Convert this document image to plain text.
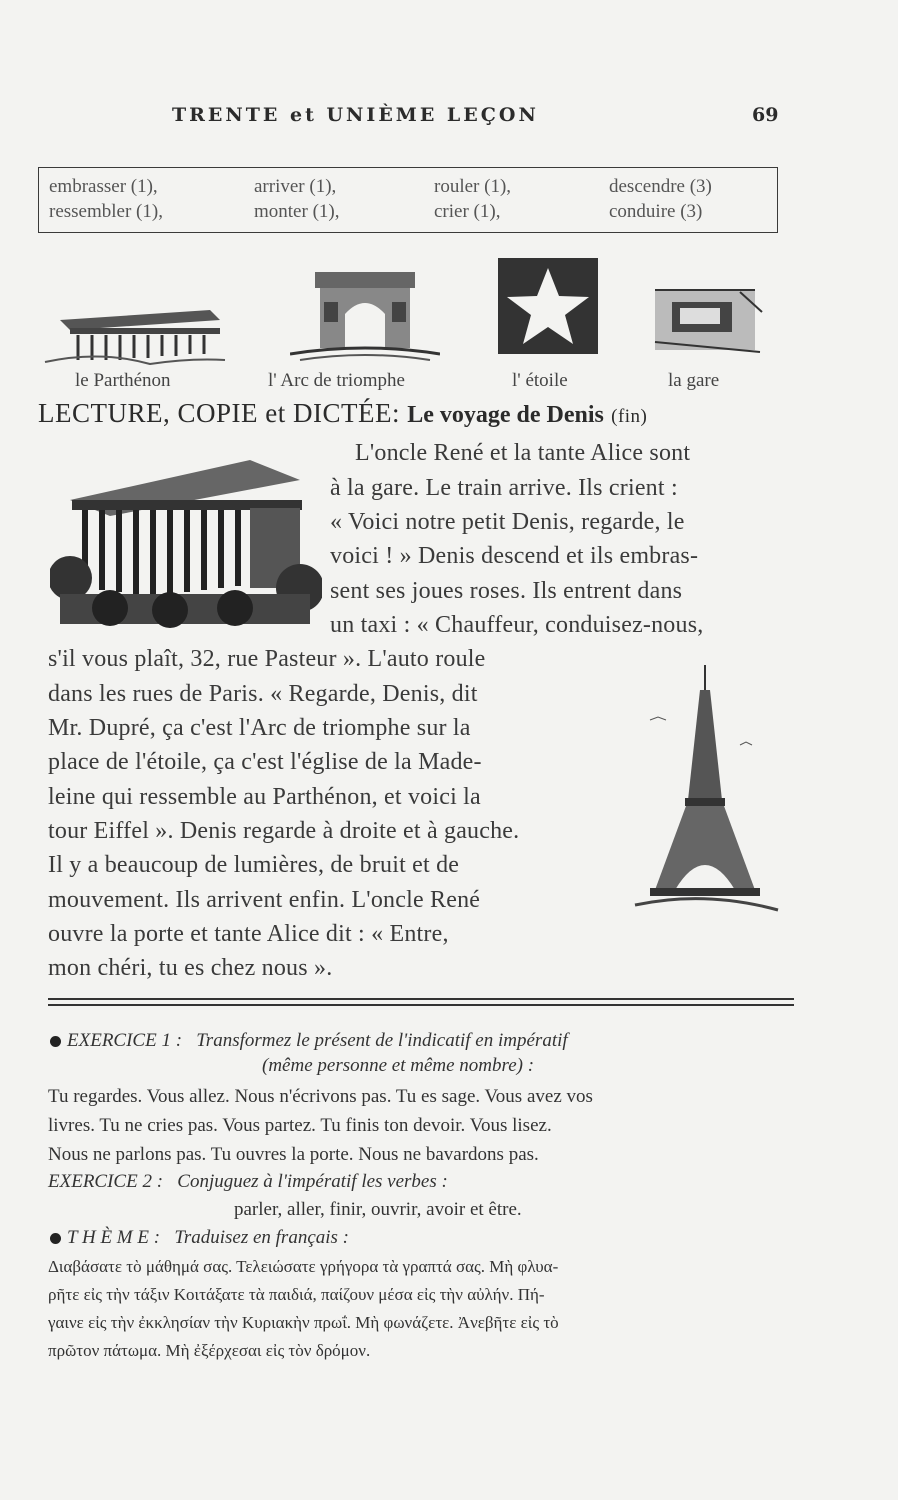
TRENTE et UNIÈME LEÇON	69
embrasser (1),	arriver (1),	rouler (1),	descendre (3)
ressembler (1),	monter (1),	crier (1),	conduire (3)
le Parthénon	l' Arc de triomphe	l' étoile	la gare
LECTURE, COPIE et DICTÉE: Le voyage de Denis (fin)
L'oncle René et la tante Alice sont
à la gare. Le train arrive. Ils crient :
« Voici notre petit Denis, regarde, le
voici ! » Denis descend et ils embras-
sent ses joues roses. Ils entrent dans
un taxi : « Chauffeur, conduisez-nous,
s'il vous plaît, 32, rue Pasteur ». L'auto roule
dans les rues de Paris. « Regarde, Denis, dit
Mr. Dupré, ça c'est l'Arc de triomphe sur la
place de l'étoile, ça c'est l'église de la Made-
leine qui ressemble au Parthénon, et voici la
tour Eiffel ». Denis regarde à droite et à gauche.
Il y a beaucoup de lumières, de bruit et de
mouvement. Ils arrivent enfin. L'oncle René
ouvre la porte et tante Alice dit : « Entre,
mon chéri, tu es chez nous ».
EXERCICE 1 : Transformez le présent de l'indicatif en impératif
(même personne et même nombre) :
Tu regardes. Vous allez. Nous n'écrivons pas. Tu es sage. Vous avez vos
livres. Tu ne cries pas. Vous partez. Tu finis ton devoir. Vous lisez.
Nous ne parlons pas. Tu ouvres la porte. Nous ne bavardons pas.
EXERCICE 2 : Conjuguez à l'impératif les verbes :
parler, aller, finir, ouvrir, avoir et être.
T H È M E : Traduisez en français :
Διαβάσατε τὸ μάθημά σας. Τελειώσατε γρήγορα τὰ γραπτά σας. Μὴ φλυα-
ρῆτε εἰς τὴν τάξιν Κοιτάξατε τὰ παιδιά, παίζουν μέσα εἰς τὴν αὐλήν. Πή-
γαινε εἰς τὴν ἐκκλησίαν τὴν Κυριακὴν πρωΐ. Μὴ φωνάζετε. Ἀνεβῆτε εἰς τὸ
πρῶτον πάτωμα. Μὴ ἐξέρχεσαι εἰς τὸν δρόμον.
